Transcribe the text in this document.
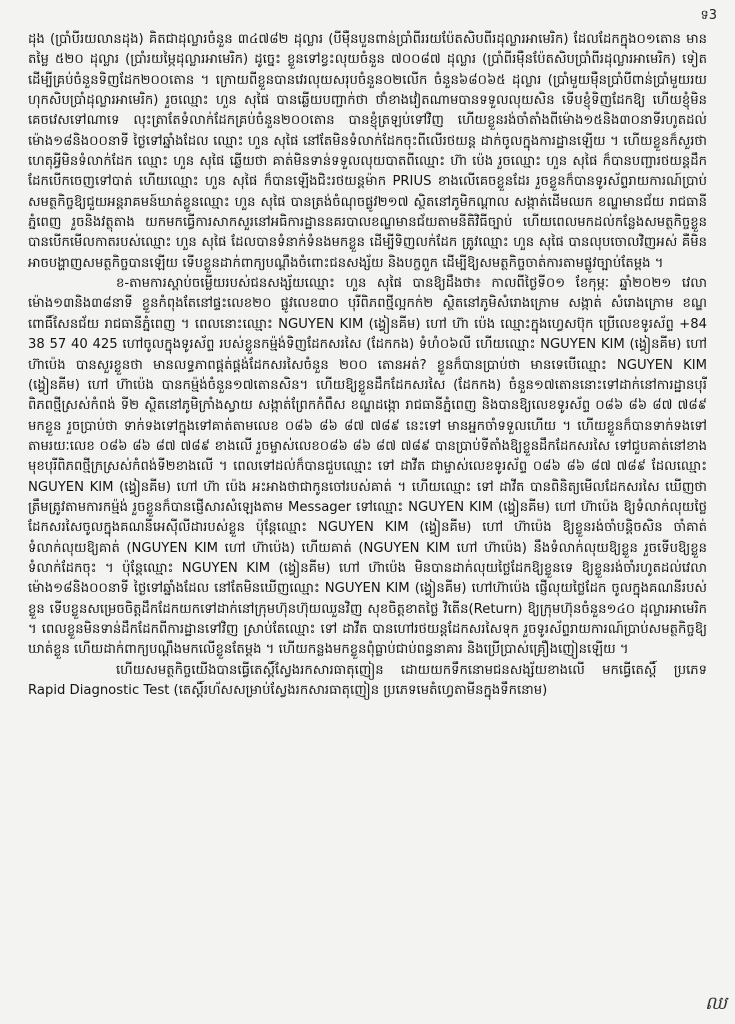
ទ3

ដុង (ប្រាំបីរយលានដុង) គិតជាដុល្លារចំនួន ៣៤៧៨២ ដុល្លារ (បីម៉ឺនបួនពាន់ប្រាំពីររយប៉ែតសិបពីរដុល្លារអាមេរិក) ដែលដែកក្នុង០១តោន មានតម្លៃ ៥២០ ដុល្លារ (ប្រាំរយម្ភៃដុល្លារអាមេរិក) ដូច្នេះ ខ្លួនទៅខ្វះលុយចំនួន ៧០០៨៧ ដុល្លារ (ប្រាំពីរម៉ឺនប៉ែតសិបប្រាំពីរដុល្លារអាមេរិក) ទៀត ដើម្បីគ្រប់ចំនួនទិញដែក២០០តោន ។ ក្រោយពីខ្លួនបានវេរលុយសរុបចំនួន០២លើក ចំនួន៦៨០៦៥ ដុល្លារ (ប្រាំមួយម៉ឺនប្រាំបីពាន់ប្រាំមួយរយហុកសិបប្រាំដុល្លារអាមេរិក) រួចឈ្មោះ ហួន សុផៃ បានឆ្លើយបញ្ជាក់ថា ថាំខាងវៀតណាមបានទទួលលុយសិន ទើបខ្ញុំទិញដែកឱ្យ ហើយខ្ញុំមិនគេចវេសទៅណាទេ លុះត្រាតែទំលាក់ដែកគ្រប់ចំនួន២០០តោន បានខ្ញុំត្រឡប់ទៅវិញ ហើយខ្លួនរង់ចាំតាំងពីម៉ោង១៥និង៣០នាទីរហូតដល់ម៉ោង១៨និង០០នាទី ថ្ងៃទៅឆ្នាំងដែល ឈ្មោះ ហួន សុផៃ នៅតែមិនទំលាក់ដែកចុះពីលើរថយន្ត ដាក់ចូលក្នុងការដ្ឋានឡើយ ។ ហើយខ្លួនក៏សួរថា ហេតុអ្វីមិនទំលាក់ដែក ឈ្មោះ ហួន សុផៃ ឆ្លើយថា គាត់មិនទាន់ទទួលលុយបាតពីឈ្មោះ ហ៊ា ប៉េង រួចឈ្មោះ ហួន សុផៃ ក៏បានបញ្ជារថយន្តដឹកដែកបើកចេញទៅបាត់ ហើយឈ្មោះ ហួន សុផៃ ក៏បានឡើងជិះរថយន្តម៉ាក PRIUS ខាងលើគេចខ្លួនដែរ រួចខ្លួនក៏បានទូរស័ព្ទរាយការណ៍ប្រាប់សមត្ថកិច្ចឱ្យជួយអន្តរាគមន៍ឃាត់ខ្លួនឈ្មោះ ហួន សុផៃ បានត្រង់ចំណុចផ្លូវ២១៧ ស្ថិតនៅភូមិកណ្ដាល សង្កាត់ដើមឈក ខណ្ឌមានជ័យ រាជធានីភ្នំពេញ រួចនិងវត្ថុតាង យកមកធ្វើការសាកសួរនៅអធិការដ្ឋាននគរបាលខណ្ឌមានជ័យតាមនីតិវិធីច្បាប់ ហើយពេលមកដល់កន្លែងសមត្ថកិច្ចខ្លួនបានបើកមើលកាតរបស់ឈ្មោះ ហួន សុផៃ ដែលបានទំនាក់ទំនងមកខ្លួន ដើម្បីទិញលក់ដែក ត្រូវឈ្មោះ ហួន សុផៃ បានលុបចោលវិញអស់ គឺមិនអាចបង្ហាញសមត្ថកិច្ចបានឡើយ ទើបខ្លួនដាក់ពាក្យបណ្ដឹងចំពោះជនសង្ស័យ និងបក្ខពួក ដើម្បីឱ្យសមត្ថកិច្ចចាត់ការតាមផ្លូវច្បាប់តែម្ដង ។

ខ-តាមការស្ដាប់ចម្លើយរបស់ជនសង្ស័យឈ្មោះ ហួន សុផៃ បានឱ្យដឹងថា៖ កាលពីថ្ងៃទី០១ ខែកុម្ភៈ ឆ្នាំ២០២១ វេលាម៉ោង១៣និង៣៨នាទី ខ្លួនកំពុងតែនៅផ្ទះលេខ២០ ផ្លូវលេខ៣០ បុរីពិភពថ្មីល្អកក់២ ស្ថិតនៅភូមិសំរោងក្រោម សង្កាត់ សំរោងក្រោម ខណ្ឌពោធិ៍សែនជ័យ រាជធានីភ្នំពេញ ។ ពេលនោះឈ្មោះ NGUYEN KIM (ង្វៀនគីម) ហៅ ហ៊ា ប៉េង ឈ្មោះក្នុងហ្វេសប៊ុក ប្រើលេខទូរស័ព្ទ +84 38 57 40 425 ហៅចូលក្នុងទូរស័ព្ទ របស់ខ្លួនកម្ម៉ង់ទិញដែកសរសៃ (ដែកកង) ទំហំ០៦លី ហើយឈ្មោះ NGUYEN KIM (ង្វៀនគីម) ហៅ ហ៊ាប៉េង បានសួរខ្លួនថា មានលទ្ធភាពផ្គត់ផ្គង់ដែកសរសៃចំនួន ២០០ តោនអត់? ខ្លួនក៏បានប្រាប់ថា មានទេបើឈ្មោះ NGUYEN KIM (ង្វៀនគីម) ហៅ ហ៊ាប៉េង បានកម្ម៉ង់ចំនួន១៧តោនសិន។ ហើយឱ្យខ្លួនដឹកដែកសរសៃ (ដែកកង) ចំនួន១៧តោននោះទៅដាក់នៅការដ្ឋានបុរីពិភពថ្មីស្រស់កំពង់ ទី២ ស្ថិតនៅភូមិក្រាំងស្វាយ សង្កាត់ព្រែកកំពឹស ខណ្ឌដង្កោ រាជធានីភ្នំពេញ និងបានឱ្យលេខទូរស័ព្ទ ០៨៦ ៨៦ ៨៧ ៧៨៩ មកខ្លួន រួចប្រាប់ថា ទាក់ទងទៅក្នុងទៅគាត់តាមលេខ ០៨៦ ៨៦ ៨៧ ៧៨៩ នេះទៅ មានអ្នកចាំទទួលហើយ ។ ហើយខ្លួនក៏បានទាក់ទងទៅតាមរយៈលេខ ០៨៦ ៨៦ ៨៧ ៧៨៩ ខាងលើ រួចម្ចាស់លេខ០៨៦ ៨៦ ៨៧ ៧៨៩ បានប្រាប់ទីតាំងឱ្យខ្លួនដឹកដែកសរសៃ ទៅជួបគាត់នៅខាងមុខបុរីពិភពថ្មីក្រស្រស់កំពង់ទី២ខាងលើ ។ ពេលទៅដល់ក៏បានជួបឈ្មោះ ទៅ ដាវីត ជាម្ចាស់លេខទូរស័ព្ទ ០៨៦ ៨៦ ៨៧ ៧៨៩ ដែលឈ្មោះ NGUYEN KIM (ង្វៀនគីម) ហៅ ហ៊ា ប៉េង អះអាងថាជាកូនចៅរបស់គាត់ ។ ហើយឈ្មោះ ទៅ ដាវីត បានពិនិត្យមើលដែកសរសៃ ឃើញថាត្រឹមត្រូវតាមការកម្ម៉ង់ រួចខ្លួនក៏បានផ្ញើសារសំឡេងតាម Messager ទៅឈ្មោះ NGUYEN KIM (ង្វៀនគីម) ហៅ ហ៊ាប៉េង ឱ្យទំលាក់លុយថ្លៃដែកសរសៃចូលក្នុងគណនីអេស៊ីលីដារបស់ខ្លួន ប៉ុន្តែឈ្មោះ NGUYEN KIM (ង្វៀនគីម) ហៅ ហ៊ាប៉េង ឱ្យខ្លួនរង់ចាំបន្តិចសិន ចាំគាត់ទំលាក់លុយឱ្យគាត់ (NGUYEN KIM ហៅ ហ៊ាប៉េង) ហើយគាត់ (NGUYEN KIM ហៅ ហ៊ាប៉េង) នឹងទំលាក់លុយឱ្យខ្លួន រួចទើបឱ្យខ្លួនទំលាក់ដែកចុះ ។ ប៉ុន្តែឈ្មោះ NGUYEN KIM (ង្វៀនគីម) ហៅ ហ៊ាប៉េង មិនបានដាក់លុយថ្លៃដែកឱ្យខ្លួនទេ ឱ្យខ្លួនរង់ចាំរហូតដល់វេលាម៉ោង១៨និង០០នាទី ថ្ងៃទៅឆ្នាំងដែល នៅតែមិនឃើញឈ្មោះ NGUYEN KIM (ង្វៀនគីម) ហៅហ៊ាប៉េង ផ្ញើលុយថ្លៃដែក ចូលក្នុងគណនីរបស់ខ្លួន ទើបខ្លួនសម្រេចចិត្តដឹកដែកយកទៅដាក់នៅក្រុមហ៊ុនហ៊ុយឈួនវិញ សុខចិត្តខាតថ្លៃ វិតើន(Return) ឱ្យក្រុមហ៊ុនចំនួន១៤០ ដុល្លារអាមេរិក ។ ពេលខ្លួនមិនទាន់ដឹកដែកពីការដ្ឋានទៅវិញ ស្រាប់តែឈ្មោះ ទៅ ដាវីត បានហៅរថយន្តដែកសរសៃទុក រួចទូរស័ព្ទរាយការណ៍ប្រាប់សមត្ថកិច្ចឱ្យឃាត់ខ្លួន ហើយដាក់ពាក្យបណ្ដឹងមកលើខ្លួនតែម្ដង ។ ហើយកន្លងមកខ្លួនពុំធ្លាប់ជាប់ពន្ធនាគារ និងប្រើប្រាស់គ្រឿងញៀនឡើយ ។

ហើយសមត្ថកិច្ចយើងបានធ្វើតេស្តិ៍ស្វែងរកសារធាតុញៀន ដោយយកទឹកនោមជនសង្ស័យខាងលើ មកធ្វើតេស្តិ៍ ប្រភេទ Rapid Diagnostic Test (តេស្តិ៍រហ័សសម្រាប់ស្វែងរកសារធាតុញៀន ប្រភេទមេតំហ្វេតាមីនក្នុងទឹកនោម)

ឈ
